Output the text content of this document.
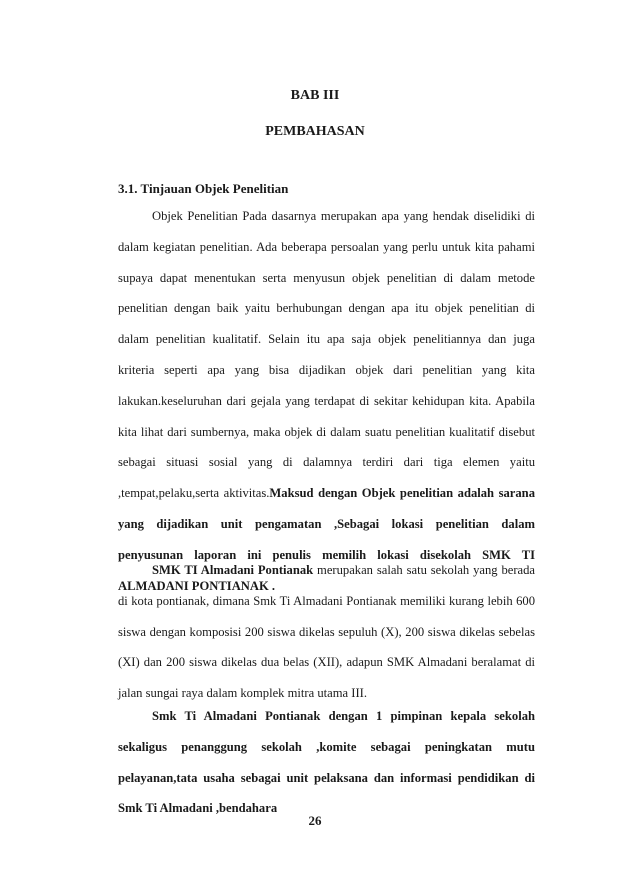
BAB III
PEMBAHASAN
3.1. Tinjauan Objek Penelitian

Objek Penelitian Pada dasarnya merupakan apa yang hendak diselidiki di dalam kegiatan penelitian. Ada beberapa persoalan yang perlu untuk kita pahami supaya dapat menentukan serta menyusun objek penelitian di dalam metode penelitian dengan baik yaitu berhubungan dengan apa itu objek penelitian di dalam penelitian kualitatif. Selain itu apa saja objek penelitiannya dan juga kriteria seperti apa yang bisa dijadikan objek dari penelitian yang kita lakukan.keseluruhan dari gejala yang terdapat di sekitar kehidupan kita. Apabila kita lihat dari sumbernya, maka objek di dalam suatu penelitian kualitatif disebut sebagai situasi sosial yang di dalamnya terdiri dari tiga elemen yaitu ,tempat,pelaku,serta aktivitas.Maksud dengan Objek penelitian adalah sarana yang dijadikan unit pengamatan ,Sebagai lokasi penelitian dalam penyusunan laporan ini penulis memilih lokasi disekolah SMK TI ALMADANI PONTIANAK .

SMK TI Almadani Pontianak merupakan salah satu sekolah yang berada di kota pontianak, dimana Smk Ti Almadani Pontianak memiliki kurang lebih 600 siswa dengan komposisi 200 siswa dikelas sepuluh (X), 200 siswa dikelas sebelas (XI) dan 200 siswa dikelas dua belas (XII), adapun SMK Almadani beralamat di jalan sungai raya dalam komplek mitra utama III.

Smk Ti Almadani Pontianak dengan 1 pimpinan kepala sekolah sekaligus penanggung sekolah ,komite sebagai peningkatan mutu pelayanan,tata usaha sebagai unit pelaksana dan informasi pendidikan di Smk Ti Almadani ,bendahara

26
